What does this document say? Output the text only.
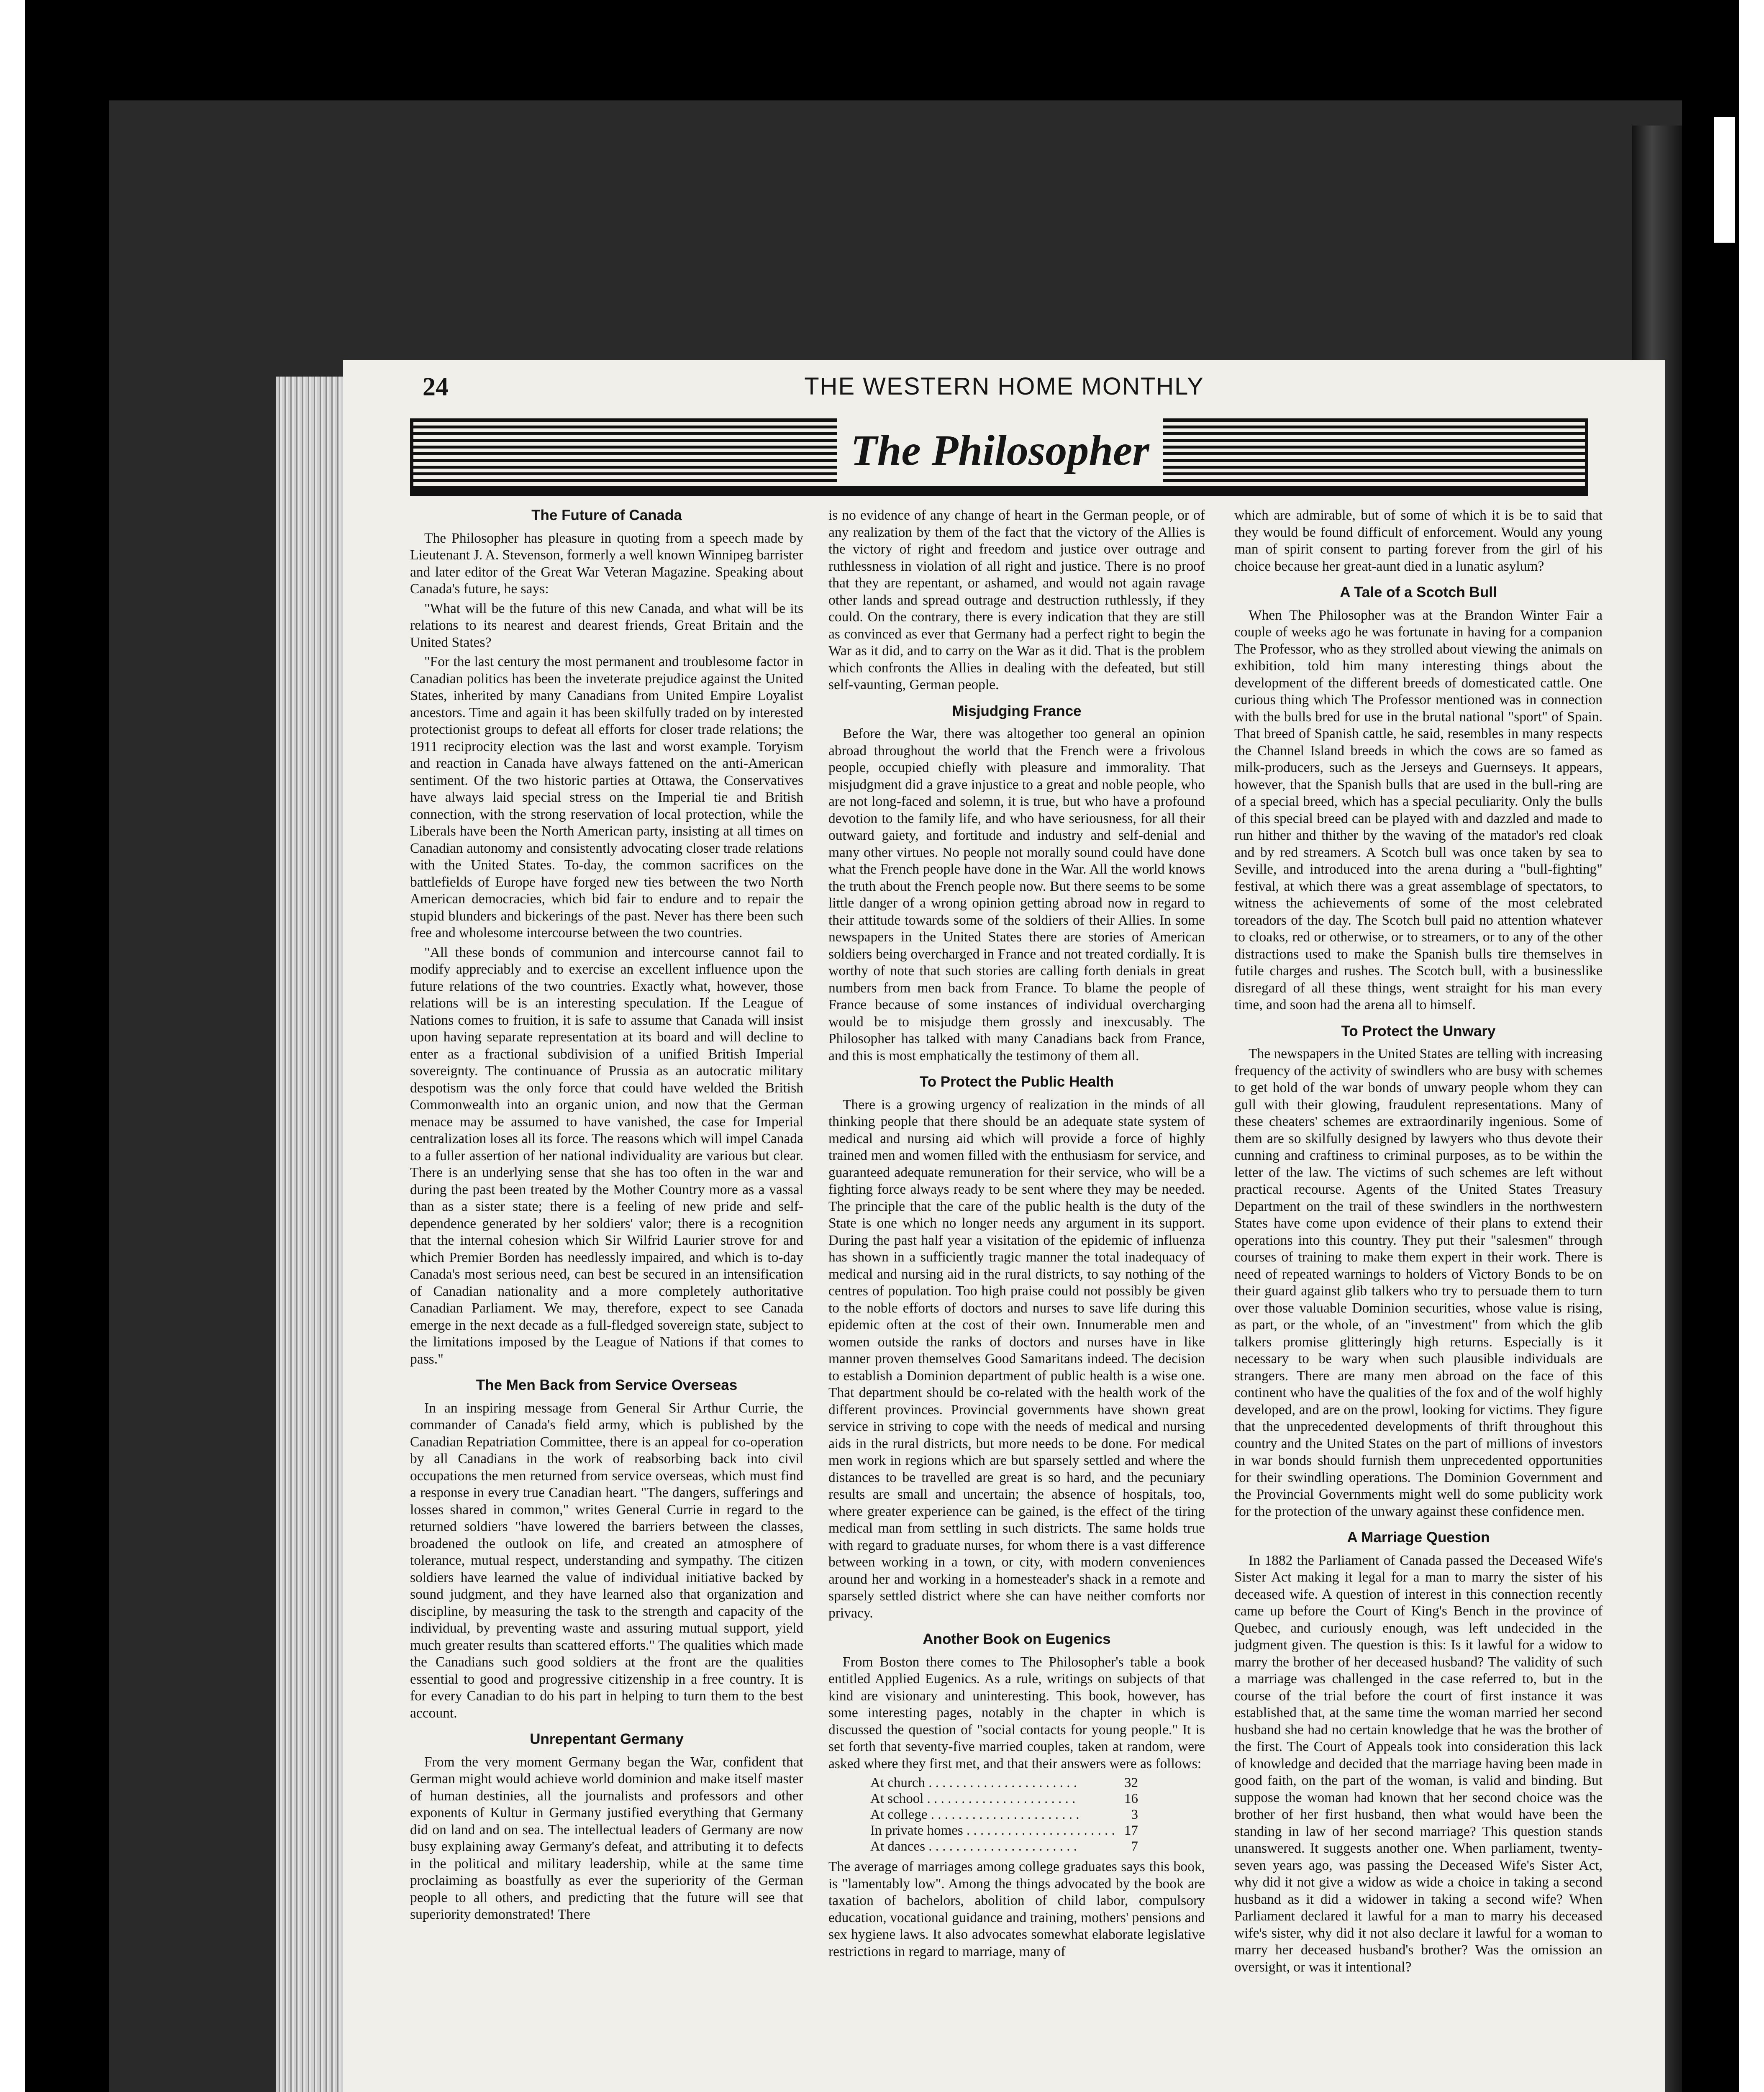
24	THE WESTERN HOME MONTHLY
The Philosopher
The Future of Canada

The Philosopher has pleasure in quoting from a speech made by Lieutenant J. A. Stevenson, formerly a well known Winnipeg barrister and later editor of the Great War Veteran Magazine. Speaking about Canada's future, he says:

"What will be the future of this new Canada, and what will be its relations to its nearest and dearest friends, Great Britain and the United States?

"For the last century the most permanent and troublesome factor in Canadian politics has been the inveterate prejudice against the United States, inherited by many Canadians from United Empire Loyalist ancestors. Time and again it has been skilfully traded on by interested protectionist groups to defeat all efforts for closer trade relations; the 1911 reciprocity election was the last and worst example. Toryism and reaction in Canada have always fattened on the anti-American sentiment. Of the two historic parties at Ottawa, the Conservatives have always laid special stress on the Imperial tie and British connection, with the strong reservation of local protection, while the Liberals have been the North American party, insisting at all times on Canadian autonomy and consistently advocating closer trade relations with the United States. To-day, the common sacrifices on the battlefields of Europe have forged new ties between the two North American democracies, which bid fair to endure and to repair the stupid blunders and bickerings of the past. Never has there been such free and wholesome intercourse between the two countries.

"All these bonds of communion and intercourse cannot fail to modify appreciably and to exercise an excellent influence upon the future relations of the two countries. Exactly what, however, those relations will be is an interesting speculation. If the League of Nations comes to fruition, it is safe to assume that Canada will insist upon having separate representation at its board and will decline to enter as a fractional subdivision of a unified British Imperial sovereignty. The continuance of Prussia as an autocratic military despotism was the only force that could have welded the British Commonwealth into an organic union, and now that the German menace may be assumed to have vanished, the case for Imperial centralization loses all its force. The reasons which will impel Canada to a fuller assertion of her national individuality are various but clear. There is an underlying sense that she has too often in the war and during the past been treated by the Mother Country more as a vassal than as a sister state; there is a feeling of new pride and self-dependence generated by her soldiers' valor; there is a recognition that the internal cohesion which Sir Wilfrid Laurier strove for and which Premier Borden has needlessly impaired, and which is to-day Canada's most serious need, can best be secured in an intensification of Canadian nationality and a more completely authoritative Canadian Parliament. We may, therefore, expect to see Canada emerge in the next decade as a full-fledged sovereign state, subject to the limitations imposed by the League of Nations if that comes to pass."

The Men Back from Service Overseas

In an inspiring message from General Sir Arthur Currie, the commander of Canada's field army, which is published by the Canadian Repatriation Committee, there is an appeal for co-operation by all Canadians in the work of reabsorbing back into civil occupations the men returned from service overseas, which must find a response in every true Canadian heart. "The dangers, sufferings and losses shared in common," writes General Currie in regard to the returned soldiers "have lowered the barriers between the classes, broadened the outlook on life, and created an atmosphere of tolerance, mutual respect, understanding and sympathy. The citizen soldiers have learned the value of individual initiative backed by sound judgment, and they have learned also that organization and discipline, by measuring the task to the strength and capacity of the individual, by preventing waste and assuring mutual support, yield much greater results than scattered efforts." The qualities which made the Canadians such good soldiers at the front are the qualities essential to good and progressive citizenship in a free country. It is for every Canadian to do his part in helping to turn them to the best account.

Unrepentant Germany

From the very moment Germany began the War, confident that German might would achieve world dominion and make itself master of human destinies, all the journalists and professors and other exponents of Kultur in Germany justified everything that Germany did on land and on sea. The intellectual leaders of Germany are now busy explaining away Germany's defeat, and attributing it to defects in the political and military leadership, while at the same time proclaiming as boastfully as ever the superiority of the German people to all others, and predicting that the future will see that superiority demonstrated! There

is no evidence of any change of heart in the German people, or of any realization by them of the fact that the victory of the Allies is the victory of right and freedom and justice over outrage and ruthlessness in violation of all right and justice. There is no proof that they are repentant, or ashamed, and would not again ravage other lands and spread outrage and destruction ruthlessly, if they could. On the contrary, there is every indication that they are still as convinced as ever that Germany had a perfect right to begin the War as it did, and to carry on the War as it did. That is the problem which confronts the Allies in dealing with the defeated, but still self-vaunting, German people.

Misjudging France

Before the War, there was altogether too general an opinion abroad throughout the world that the French were a frivolous people, occupied chiefly with pleasure and immorality. That misjudgment did a grave injustice to a great and noble people, who are not long-faced and solemn, it is true, but who have a profound devotion to the family life, and who have seriousness, for all their outward gaiety, and fortitude and industry and self-denial and many other virtues. No people not morally sound could have done what the French people have done in the War. All the world knows the truth about the French people now. But there seems to be some little danger of a wrong opinion getting abroad now in regard to their attitude towards some of the soldiers of their Allies. In some newspapers in the United States there are stories of American soldiers being overcharged in France and not treated cordially. It is worthy of note that such stories are calling forth denials in great numbers from men back from France. To blame the people of France because of some instances of individual overcharging would be to misjudge them grossly and inexcusably. The Philosopher has talked with many Canadians back from France, and this is most emphatically the testimony of them all.

To Protect the Public Health

There is a growing urgency of realization in the minds of all thinking people that there should be an adequate state system of medical and nursing aid which will provide a force of highly trained men and women filled with the enthusiasm for service, and guaranteed adequate remuneration for their service, who will be a fighting force always ready to be sent where they may be needed. The principle that the care of the public health is the duty of the State is one which no longer needs any argument in its support. During the past half year a visitation of the epidemic of influenza has shown in a sufficiently tragic manner the total inadequacy of medical and nursing aid in the rural districts, to say nothing of the centres of population. Too high praise could not possibly be given to the noble efforts of doctors and nurses to save life during this epidemic often at the cost of their own. Innumerable men and women outside the ranks of doctors and nurses have in like manner proven themselves Good Samaritans indeed. The decision to establish a Dominion department of public health is a wise one. That department should be co-related with the health work of the different provinces. Provincial governments have shown great service in striving to cope with the needs of medical and nursing aids in the rural districts, but more needs to be done. For medical men work in regions which are but sparsely settled and where the distances to be travelled are great is so hard, and the pecuniary results are small and uncertain; the absence of hospitals, too, where greater experience can be gained, is the effect of the tiring medical man from settling in such districts. The same holds true with regard to graduate nurses, for whom there is a vast difference between working in a town, or city, with modern conveniences around her and working in a homesteader's shack in a remote and sparsely settled district where she can have neither comforts nor privacy.

Another Book on Eugenics

From Boston there comes to The Philosopher's table a book entitled Applied Eugenics. As a rule, writings on subjects of that kind are visionary and uninteresting. This book, however, has some interesting pages, notably in the chapter in which is discussed the question of "social contacts for young people." It is set forth that seventy-five married couples, taken at random, were asked where they first met, and that their answers were as follows:

At church . . .	32
At school . . .	16
At college . . .	3
In private homes . . .	17
At dances . . .	7

The average of marriages among college graduates says this book, is "lamentably low". Among the things advocated by the book are taxation of bachelors, abolition of child labor, compulsory education, vocational guidance and training, mothers' pensions and sex hygiene laws. It also advocates somewhat elaborate legislative restrictions in regard to marriage, many of

which are admirable, but of some of which it is be to said that they would be found difficult of enforcement. Would any young man of spirit consent to parting forever from the girl of his choice because her great-aunt died in a lunatic asylum?

A Tale of a Scotch Bull

When The Philosopher was at the Brandon Winter Fair a couple of weeks ago he was fortunate in having for a companion The Professor, who as they strolled about viewing the animals on exhibition, told him many interesting things about the development of the different breeds of domesticated cattle. One curious thing which The Professor mentioned was in connection with the bulls bred for use in the brutal national "sport" of Spain. That breed of Spanish cattle, he said, resembles in many respects the Channel Island breeds in which the cows are so famed as milk-producers, such as the Jerseys and Guernseys. It appears, however, that the Spanish bulls that are used in the bull-ring are of a special breed, which has a special peculiarity. Only the bulls of this special breed can be played with and dazzled and made to run hither and thither by the waving of the matador's red cloak and by red streamers. A Scotch bull was once taken by sea to Seville, and introduced into the arena during a "bull-fighting" festival, at which there was a great assemblage of spectators, to witness the achievements of some of the most celebrated toreadors of the day. The Scotch bull paid no attention whatever to cloaks, red or otherwise, or to streamers, or to any of the other distractions used to make the Spanish bulls tire themselves in futile charges and rushes. The Scotch bull, with a businesslike disregard of all these things, went straight for his man every time, and soon had the arena all to himself.

To Protect the Unwary

The newspapers in the United States are telling with increasing frequency of the activity of swindlers who are busy with schemes to get hold of the war bonds of unwary people whom they can gull with their glowing, fraudulent representations. Many of these cheaters' schemes are extraordinarily ingenious. Some of them are so skilfully designed by lawyers who thus devote their cunning and craftiness to criminal purposes, as to be within the letter of the law. The victims of such schemes are left without practical recourse. Agents of the United States Treasury Department on the trail of these swindlers in the northwestern States have come upon evidence of their plans to extend their operations into this country. They put their "salesmen" through courses of training to make them expert in their work. There is need of repeated warnings to holders of Victory Bonds to be on their guard against glib talkers who try to persuade them to turn over those valuable Dominion securities, whose value is rising, as part, or the whole, of an "investment" from which the glib talkers promise glitteringly high returns. Especially is it necessary to be wary when such plausible individuals are strangers. There are many men abroad on the face of this continent who have the qualities of the fox and of the wolf highly developed, and are on the prowl, looking for victims. They figure that the unprecedented developments of thrift throughout this country and the United States on the part of millions of investors in war bonds should furnish them unprecedented opportunities for their swindling operations. The Dominion Government and the Provincial Governments might well do some publicity work for the protection of the unwary against these confidence men.

A Marriage Question

In 1882 the Parliament of Canada passed the Deceased Wife's Sister Act making it legal for a man to marry the sister of his deceased wife. A question of interest in this connection recently came up before the Court of King's Bench in the province of Quebec, and curiously enough, was left undecided in the judgment given. The question is this: Is it lawful for a widow to marry the brother of her deceased husband? The validity of such a marriage was challenged in the case referred to, but in the course of the trial before the court of first instance it was established that, at the same time the woman married her second husband she had no certain knowledge that he was the brother of the first. The Court of Appeals took into consideration this lack of knowledge and decided that the marriage having been made in good faith, on the part of the woman, is valid and binding. But suppose the woman had known that her second choice was the brother of her first husband, then what would have been the standing in law of her second marriage? This question stands unanswered. It suggests another one. When parliament, twenty-seven years ago, was passing the Deceased Wife's Sister Act, why did it not give a widow as wide a choice in taking a second husband as it did a widower in taking a second wife? When Parliament declared it lawful for a man to marry his deceased wife's sister, why did it not also declare it lawful for a woman to marry her deceased husband's brother? Was the omission an oversight, or was it intentional?
